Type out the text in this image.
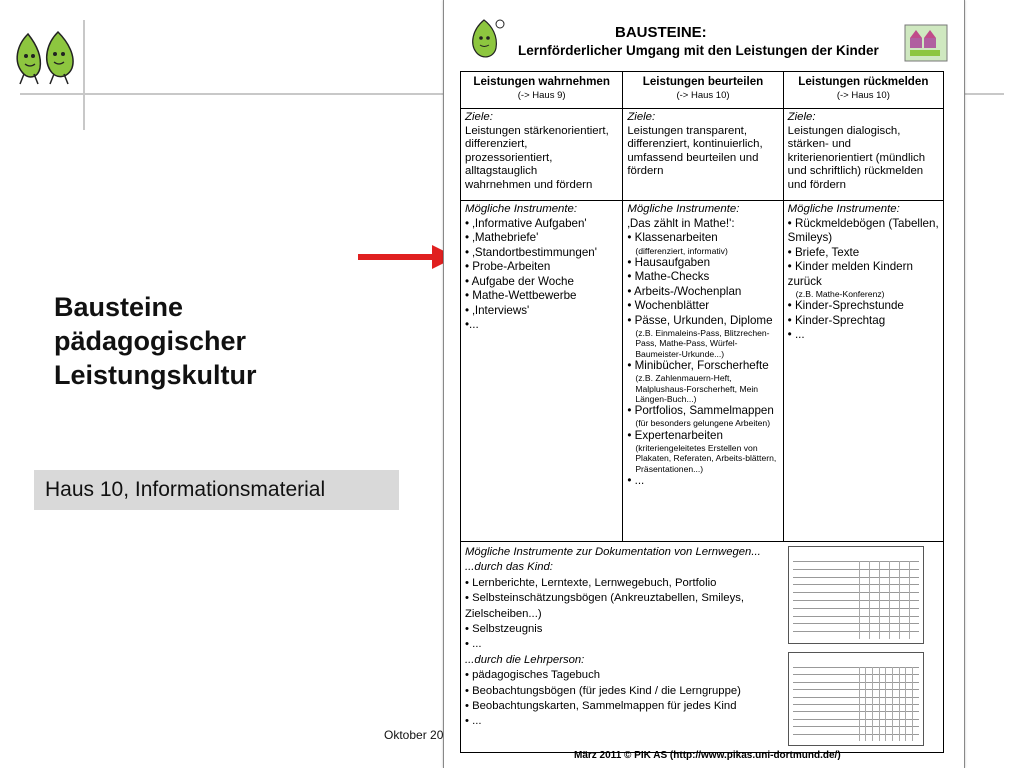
Bausteine
pädagogischer
Leistungskultur
Haus 10, Informationsmaterial
Oktober 20
BAUSTEINE:
Lernförderlicher Umgang mit den Leistungen der Kinder
Leistungen wahrnehmen
(-> Haus 9)
Leistungen beurteilen
(-> Haus 10)
Leistungen rückmelden
(-> Haus 10)
Ziele:
Leistungen stärkenorientiert,
differenziert,
prozessorientiert,
alltagstauglich
wahrnehmen und fördern
Ziele:
Leistungen transparent,
differenziert, kontinuierlich,
umfassend beurteilen und
fördern
Ziele:
Leistungen dialogisch,
stärken- und
kriterienorientiert (mündlich
und schriftlich) rückmelden
und fördern
Mögliche Instrumente:
• ‚Informative Aufgaben'
• ‚Mathebriefe'
• ‚Standortbestimmungen'
• Probe-Arbeiten
• Aufgabe der Woche
• Mathe-Wettbewerbe
• ‚Interviews'
•...
Mögliche Instrumente:
‚Das zählt in Mathe!':
• Klassenarbeiten
(differenziert, informativ)
• Hausaufgaben
• Mathe-Checks
• Arbeits-/Wochenplan
• Wochenblätter
• Pässe, Urkunden, Diplome
(z.B. Einmaleins-Pass, Blitzrechen-Pass, Mathe-Pass, Würfel-Baumeister-Urkunde...)
• Minibücher, Forscherhefte
(z.B. Zahlenmauern-Heft, Malplushaus-Forscherheft, Mein Längen-Buch...)
• Portfolios, Sammelmappen
(für besonders gelungene Arbeiten)
• Expertenarbeiten
(kriteriengeleitetes Erstellen von Plakaten, Referaten, Arbeits-blättern, Präsentationen...)
• ...
Mögliche Instrumente:
• Rückmeldebögen (Tabellen, Smileys)
• Briefe, Texte
• Kinder melden Kindern zurück
(z.B. Mathe-Konferenz)
• Kinder-Sprechstunde
• Kinder-Sprechtag
• ...
Mögliche Instrumente zur Dokumentation von Lernwegen...
...durch das Kind:
• Lernberichte, Lerntexte, Lernwegebuch, Portfolio
• Selbsteinschätzungsbögen (Ankreuztabellen, Smileys,
Zielscheiben...)
• Selbstzeugnis
• ...
...durch die Lehrperson:
• pädagogisches Tagebuch
• Beobachtungsbögen (für jedes Kind / die Lerngruppe)
• Beobachtungskarten, Sammelmappen für jedes Kind
• ...
März 2011 © PIK AS (http://www.pikas.uni-dortmund.de/)
